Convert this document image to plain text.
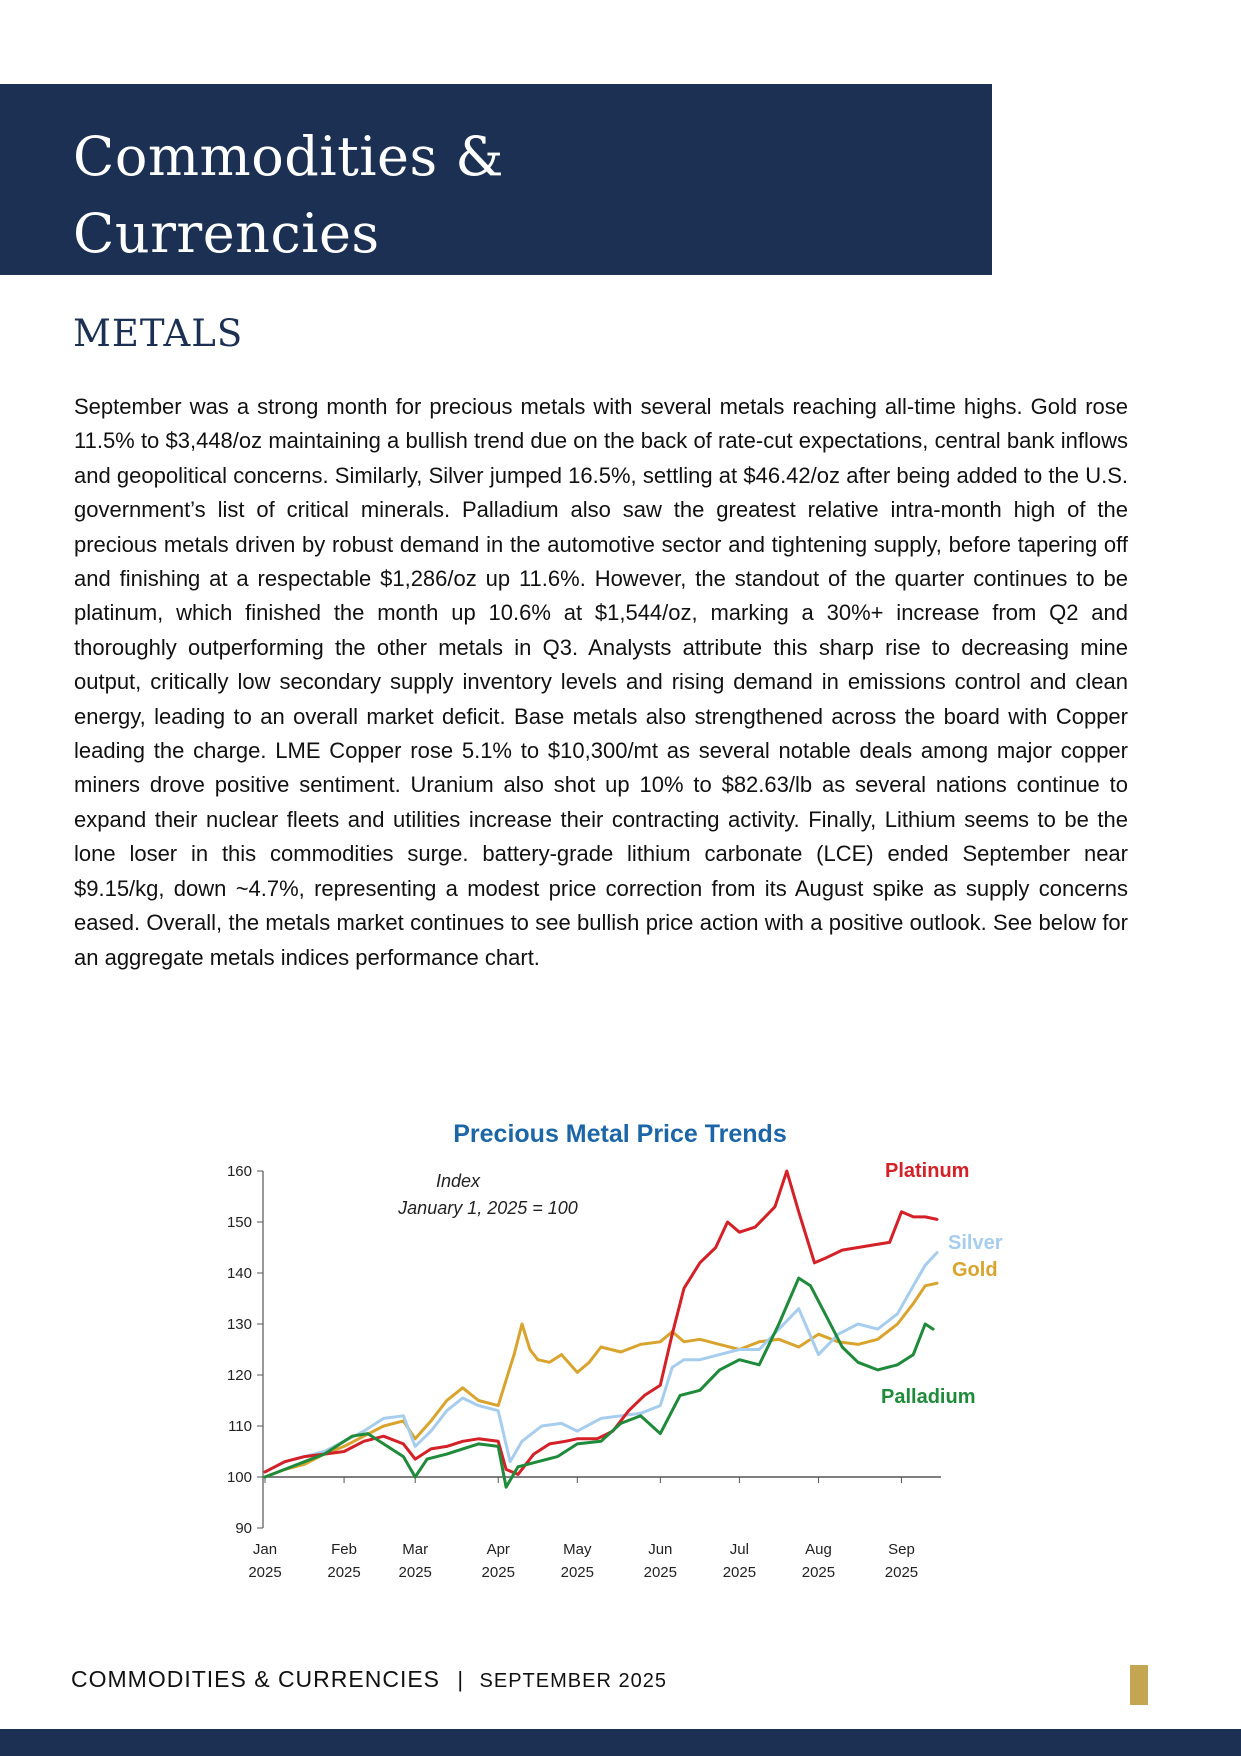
Commodities &
Currencies
METALS

September was a strong month for precious metals with several metals reaching all-time highs. Gold rose 11.5% to $3,448/oz maintaining a bullish trend due on the back of rate-cut expectations, central bank inflows and geopolitical concerns. Similarly, Silver jumped 16.5%, settling at $46.42/oz after being added to the U.S. government’s list of critical minerals. Palladium also saw the greatest relative intra-month high of the precious metals driven by robust demand in the automotive sector and tightening supply, before tapering off and finishing at a respectable $1,286/oz up 11.6%. However, the standout of the quarter continues to be platinum, which finished the month up 10.6% at $1,544/oz, marking a 30%+ increase from Q2 and thoroughly outperforming the other metals in Q3. Analysts attribute this sharp rise to decreasing mine output, critically low secondary supply inventory levels and rising demand in emissions control and clean energy, leading to an overall market deficit. Base metals also strengthened across the board with Copper leading the charge. LME Copper rose 5.1% to $10,300/mt as several notable deals among major copper miners drove positive sentiment. Uranium also shot up 10% to $82.63/lb as several nations continue to expand their nuclear fleets and utilities increase their contracting activity. Finally, Lithium seems to be the lone loser in this commodities surge. battery-grade lithium carbonate (LCE) ended September near $9.15/kg, down ~4.7%, representing a modest price correction from its August spike as supply concerns eased. Overall, the metals market continues to see bullish price action with a positive outlook. See below for an aggregate metals indices performance chart.

Precious Metal Price Trends
Index
January 1, 2025 = 100
90
100
110
120
130
140
150
160
Jan
2025
Feb
2025
Mar
2025
Apr
2025
May
2025
Jun
2025
Jul
2025
Aug
2025
Sep
2025
Platinum
Silver
Gold
Palladium
COMMODITIES & CURRENCIES | SEPTEMBER 2025
